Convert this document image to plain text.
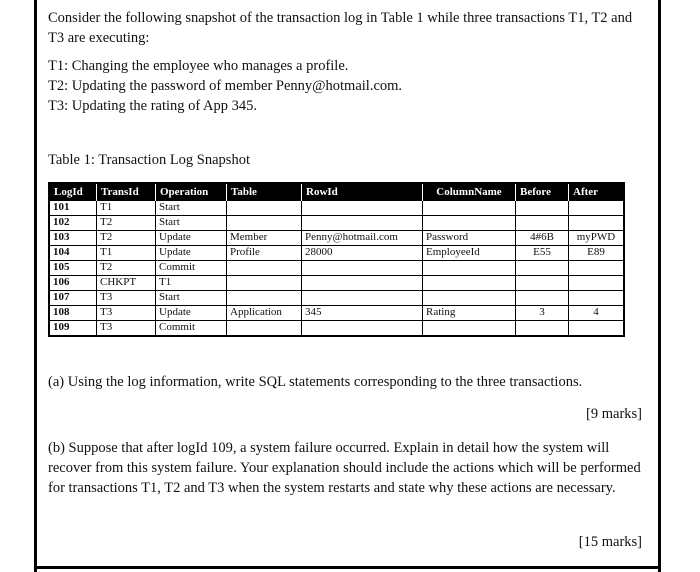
Consider the following snapshot of the transaction log in Table 1 while three transactions T1, T2 and T3 are executing:
T1: Changing the employee who manages a profile.
T2: Updating the password of member Penny@hotmail.com.
T3: Updating the rating of App 345.
Table 1: Transaction Log Snapshot
LogId	TransId	Operation	Table	RowId	ColumnName	Before	After
101	T1	Start					
102	T2	Start					
103	T2	Update	Member	Penny@hotmail.com	Password	4#6B	myPWD
104	T1	Update	Profile	28000	EmployeeId	E55	E89
105	T2	Commit					
106	CHKPT	T1					
107	T3	Start					
108	T3	Update	Application	345	Rating	3	4
109	T3	Commit					
(a) Using the log information, write SQL statements corresponding to the three transactions.
[9 marks]
(b) Suppose that after logId 109, a system failure occurred. Explain in detail how the system will recover from this system failure. Your explanation should include the actions which will be performed for transactions T1, T2 and T3 when the system restarts and state why these actions are necessary.
[15 marks]
